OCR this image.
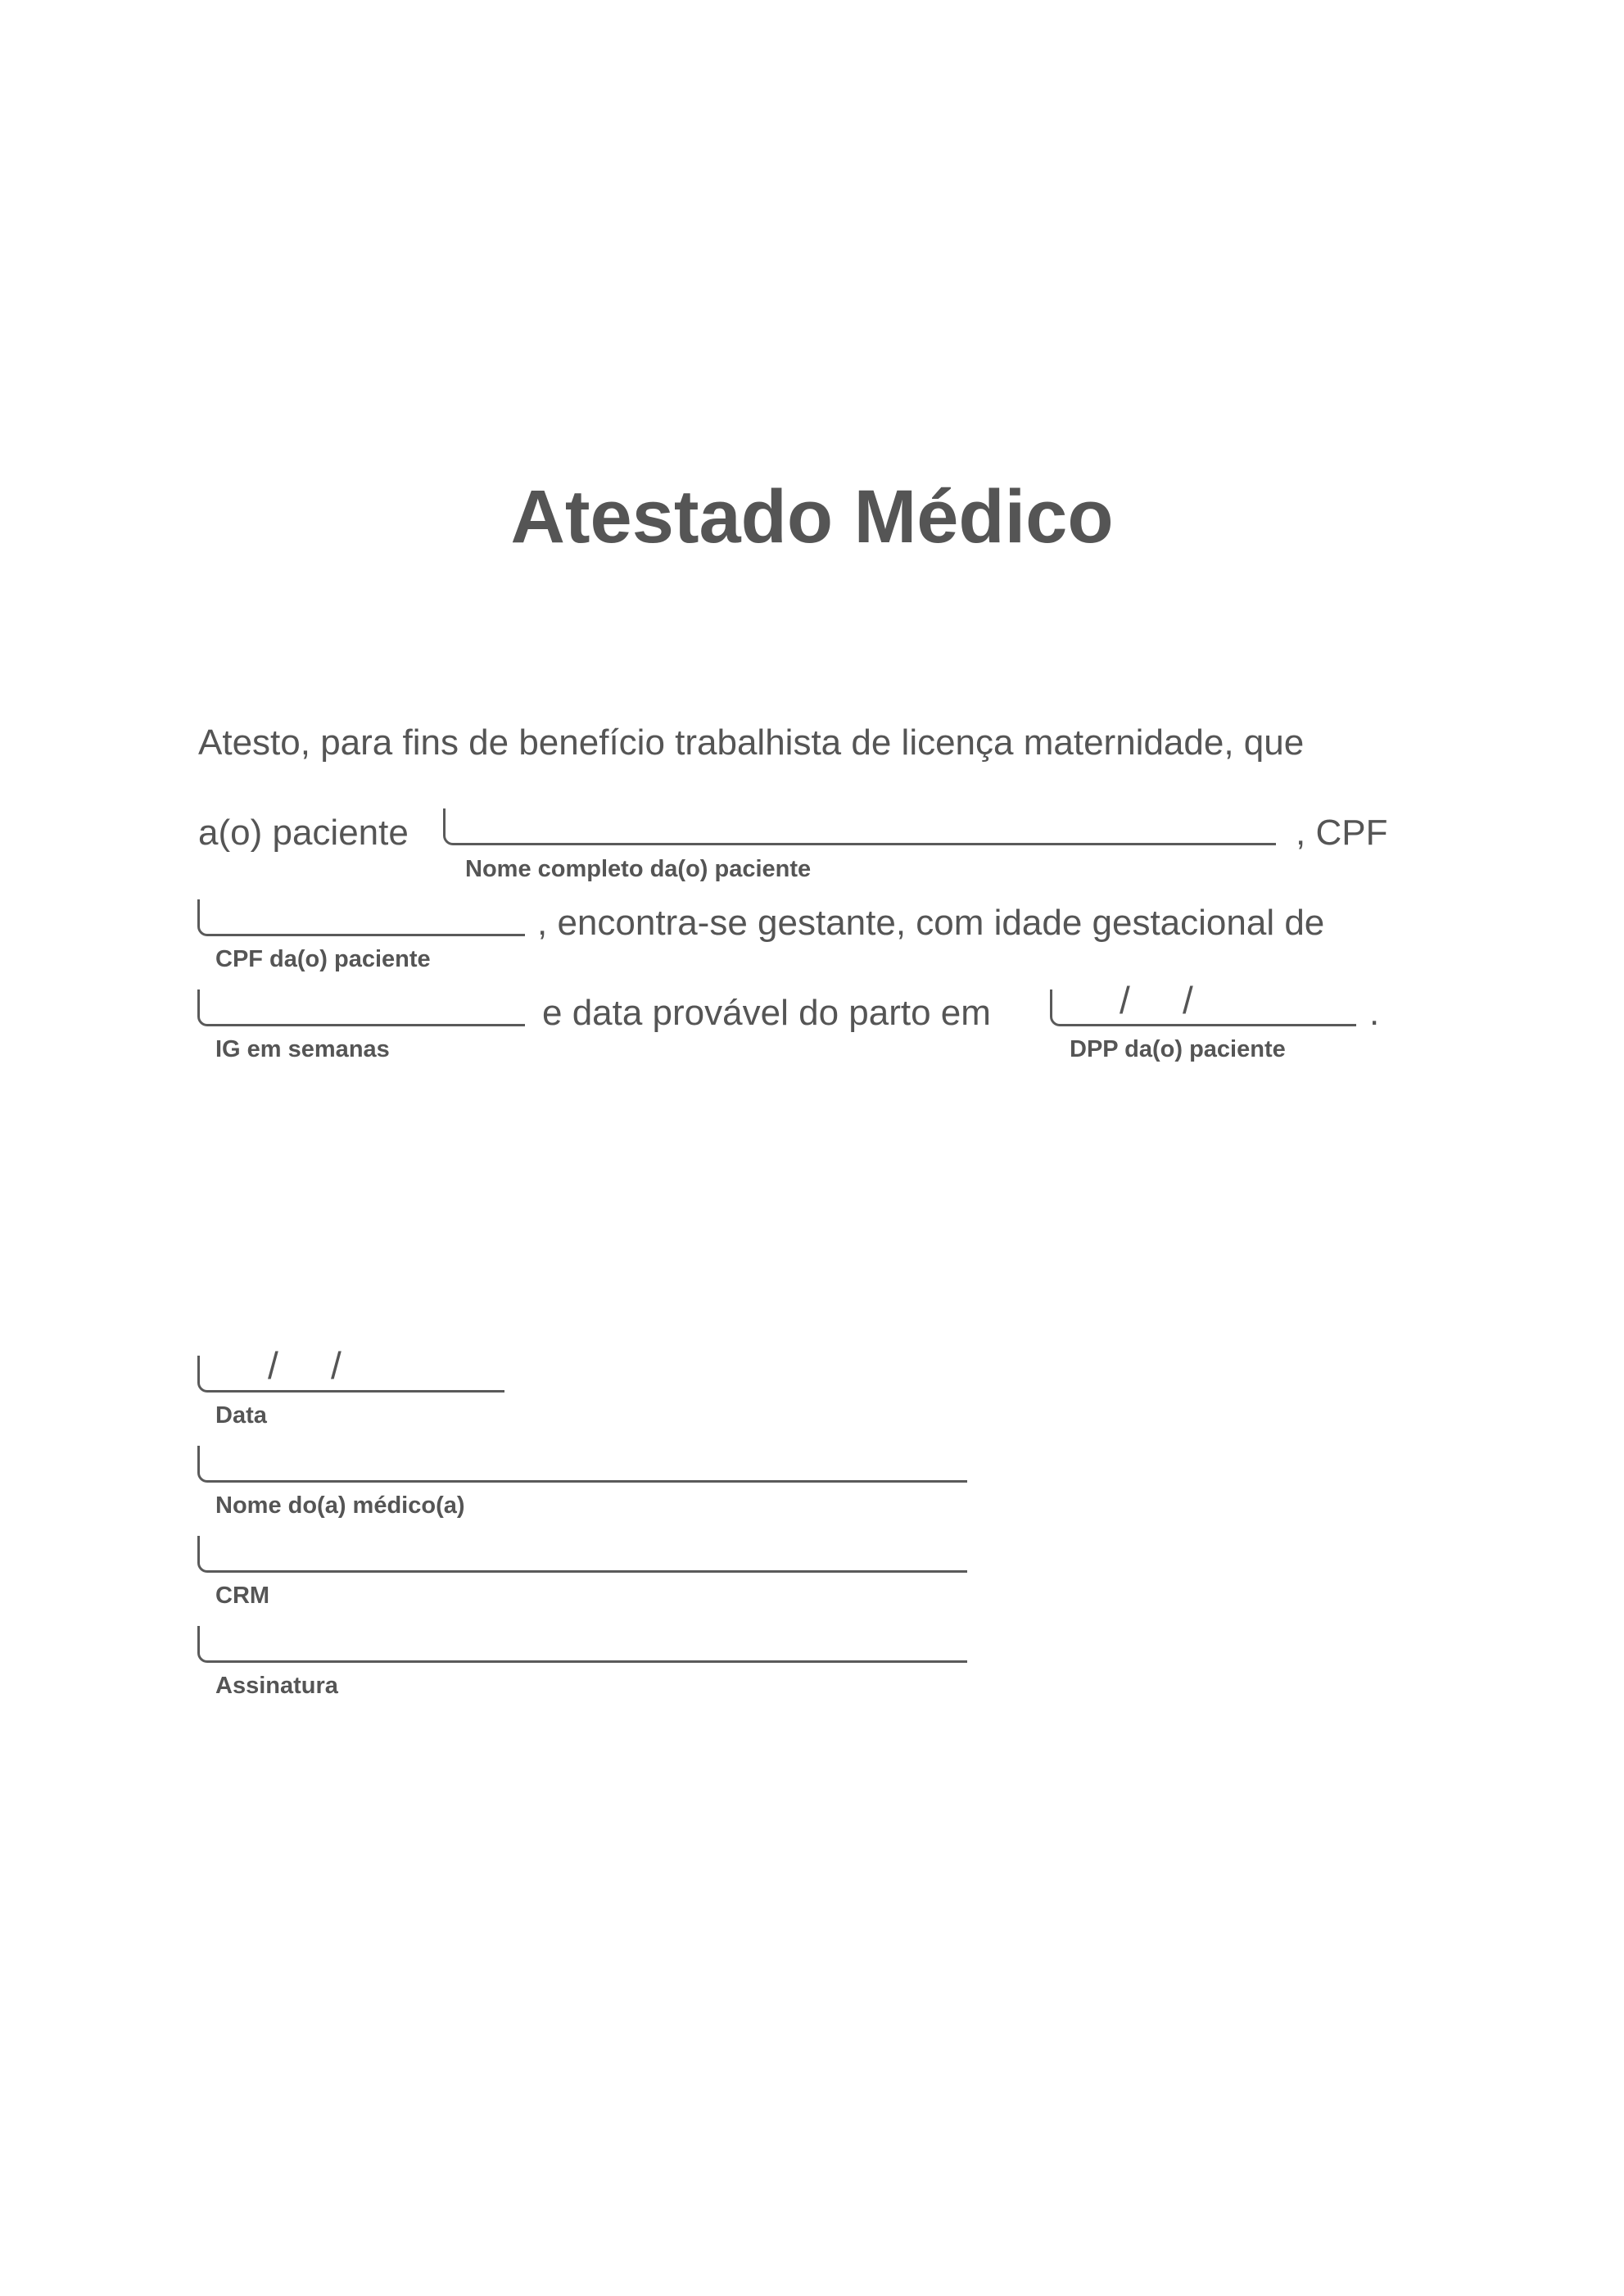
Atestado Médico
Atesto, para fins de benefício trabalhista de licença maternidade, que
a(o) paciente
Nome completo da(o) paciente
, CPF
CPF da(o) paciente
, encontra-se gestante, com idade gestacional de
IG em semanas
e data provável do parto em	/ /
DPP da(o) paciente
.
/ /
Data
Nome do(a) médico(a)
CRM
Assinatura
